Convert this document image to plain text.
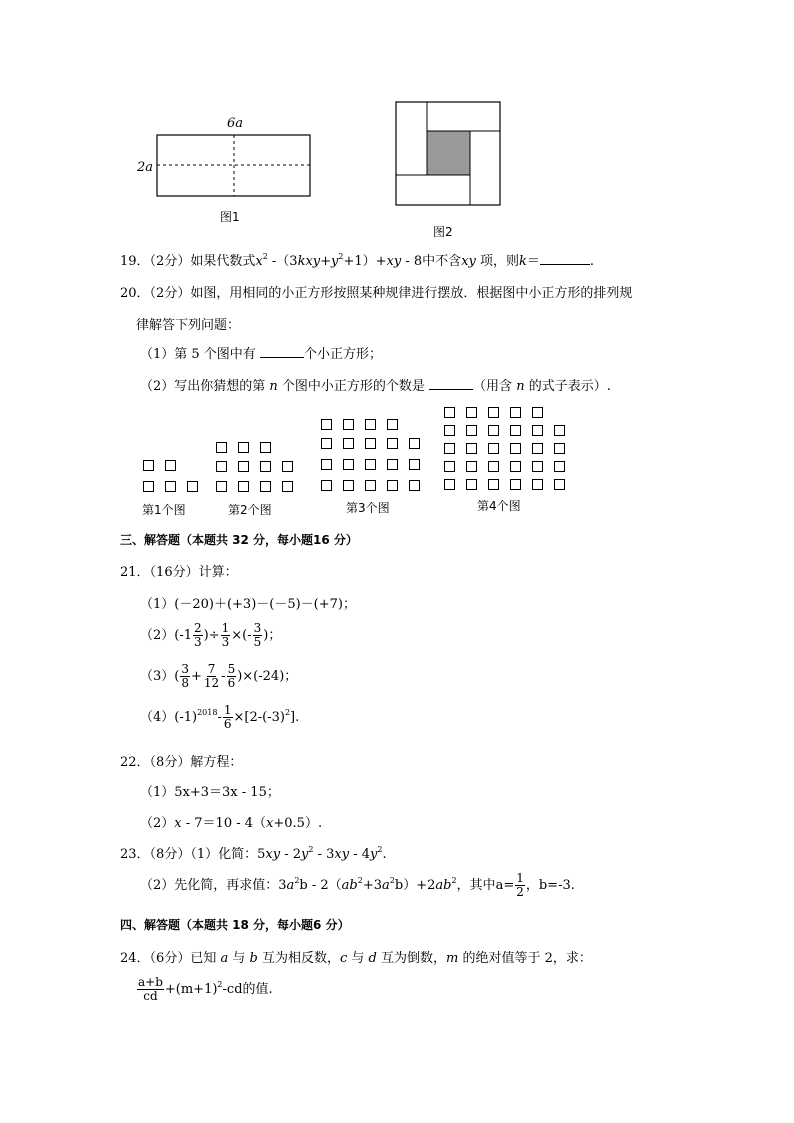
6a
2a
图1
图2
19．（2分）如果代数式$x^2$ $-(3kxy+y^2+1)+xy - 8$中不含xy 项，则k＝	.
20．（2分）如图，用相同的小正方形按照某种规律进行摆放．根据图中小正方形的排列规
律解答下列问题：
（1）第 5 个图中有	个小正方形；
（2）写出你猜想的第 n 个图中小正方形的个数是	（用含 n 的式子表示）.
第1个图	第2个图	第3个图	第4个图
三、解答题（本题共 32 分，每小题16 分）
21．（16分）计算：
（1）(－20)＋(+3)－(－5)－(+7)；
$(2)(-1 \frac{2}{3}$ )÷ $\frac{1}{3}$ ×(- $\frac{3}{5}$ )；
$(3)( \frac{3}{8} + \frac{7}{12} - \frac{5}{6} )\times(-24)$；
$(4)(-1)^{2018}- \frac{1}{6} \times[2-(-3)^2]$.
22．（8分）解方程：
（1）5x+3＝3x - 15；
（2）x - 7＝10 - 4（x+0.5）.
23．（8分）（1）化简：$5xy - 2y^2 - 3xy - 4y^2$.
（2）先化简，再求值：$3a^2b - 2(ab^2+3a^2b)+2ab^2$，其中$a= \frac{1}{2}$ ，b=-3.
四、解答题（本题共 18 分，每小题6 分）
24．（6分）已知 a 与 b 互为相反数，c 与 d 互为倒数，m 的绝对值等于 2，求：
$\frac{a+b}{cd} +(m+1)^2-cd$的值.
